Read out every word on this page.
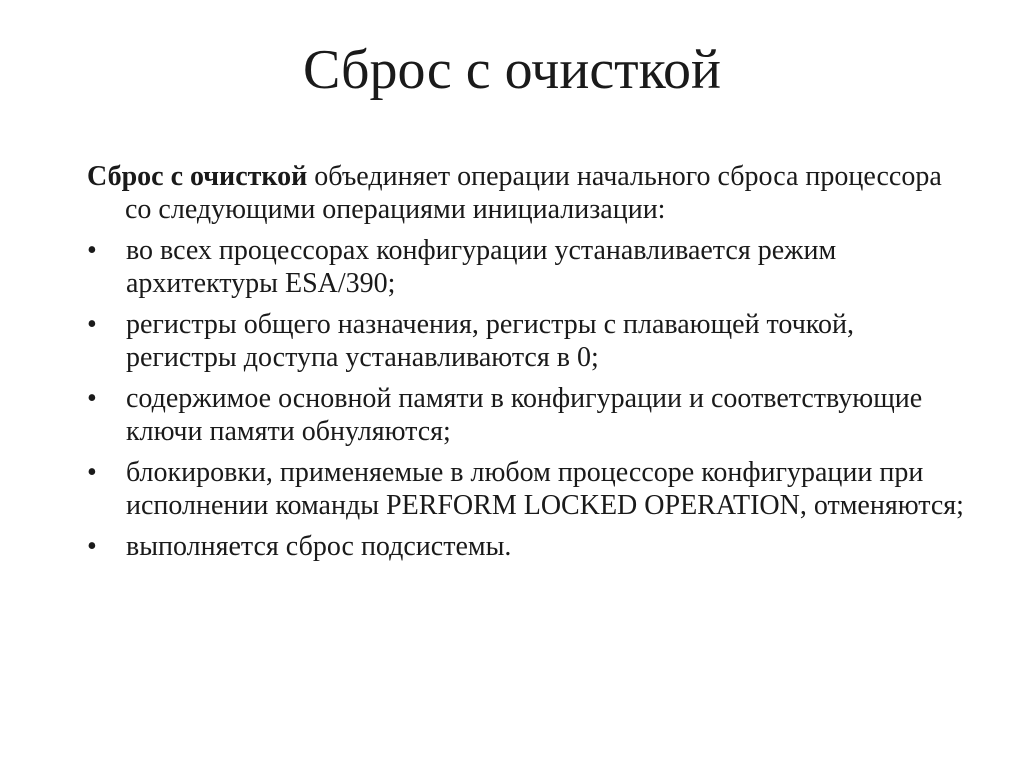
Сброс с очисткой

Сброс с очисткой объединяет операции начального сброса процессора со следующими операциями инициализации:

•	во всех процессорах конфигурации устанавливается режим архитектуры ESA/390;
•	регистры общего назначения, регистры с плавающей точкой, регистры доступа устанавливаются в 0;
•	содержимое основной памяти в конфигурации и соответствующие ключи памяти обнуляются;
•	блокировки, применяемые в любом процессоре конфигурации при исполнении команды PERFORM LOCKED OPERATION, отменяются;
•	выполняется сброс подсистемы.
